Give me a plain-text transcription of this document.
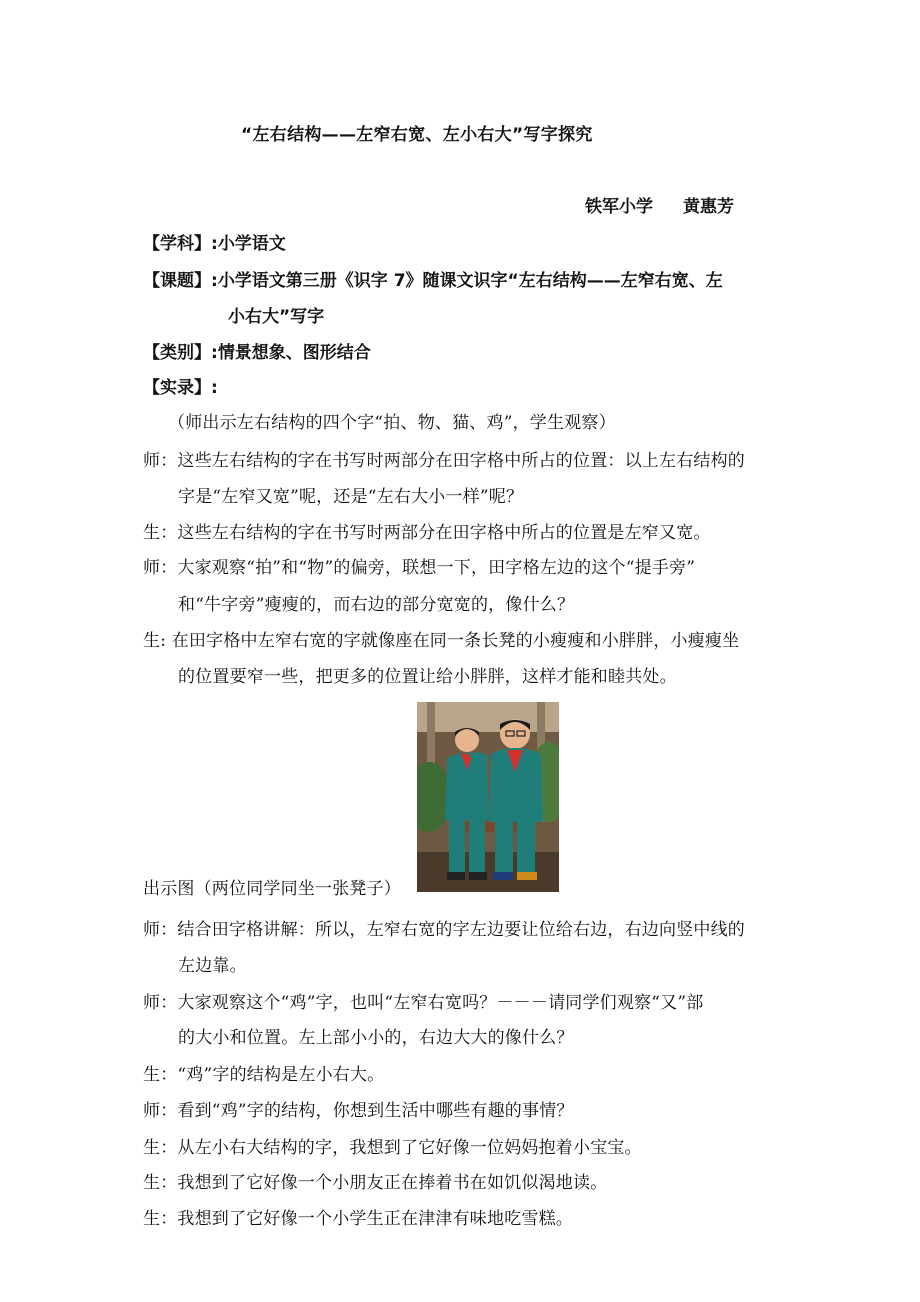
“左右结构——左窄右宽、左小右大”写字探究
铁军小学 黄惠芳
【学科】:小学语文
【课题】:小学语文第三册《识字 7》随课文识字“左右结构——左窄右宽、左
小右大”写字
【类别】:情景想象、图形结合
【实录】:
（师出示左右结构的四个字“拍、物、猫、鸡”，学生观察）
师：这些左右结构的字在书写时两部分在田字格中所占的位置：以上左右结构的
字是“左窄又宽”呢，还是“左右大小一样”呢？
生：这些左右结构的字在书写时两部分在田字格中所占的位置是左窄又宽。
师：大家观察“拍”和“物”的偏旁，联想一下，田字格左边的这个“提手旁”
和“牛字旁”瘦瘦的，而右边的部分宽宽的，像什么？
生: 在田字格中左窄右宽的字就像座在同一条长凳的小瘦瘦和小胖胖，小瘦瘦坐
的位置要窄一些，把更多的位置让给小胖胖，这样才能和睦共处。
出示图（两位同学同坐一张凳子）
师：结合田字格讲解：所以，左窄右宽的字左边要让位给右边，右边向竖中线的
左边靠。
师：大家观察这个“鸡”字，也叫“左窄右宽吗？－－－请同学们观察“又”部
的大小和位置。左上部小小的，右边大大的像什么？
生：“鸡”字的结构是左小右大。
师：看到“鸡”字的结构，你想到生活中哪些有趣的事情？
生：从左小右大结构的字，我想到了它好像一位妈妈抱着小宝宝。
生：我想到了它好像一个小朋友正在捧着书在如饥似渴地读。
生：我想到了它好像一个小学生正在津津有味地吃雪糕。
